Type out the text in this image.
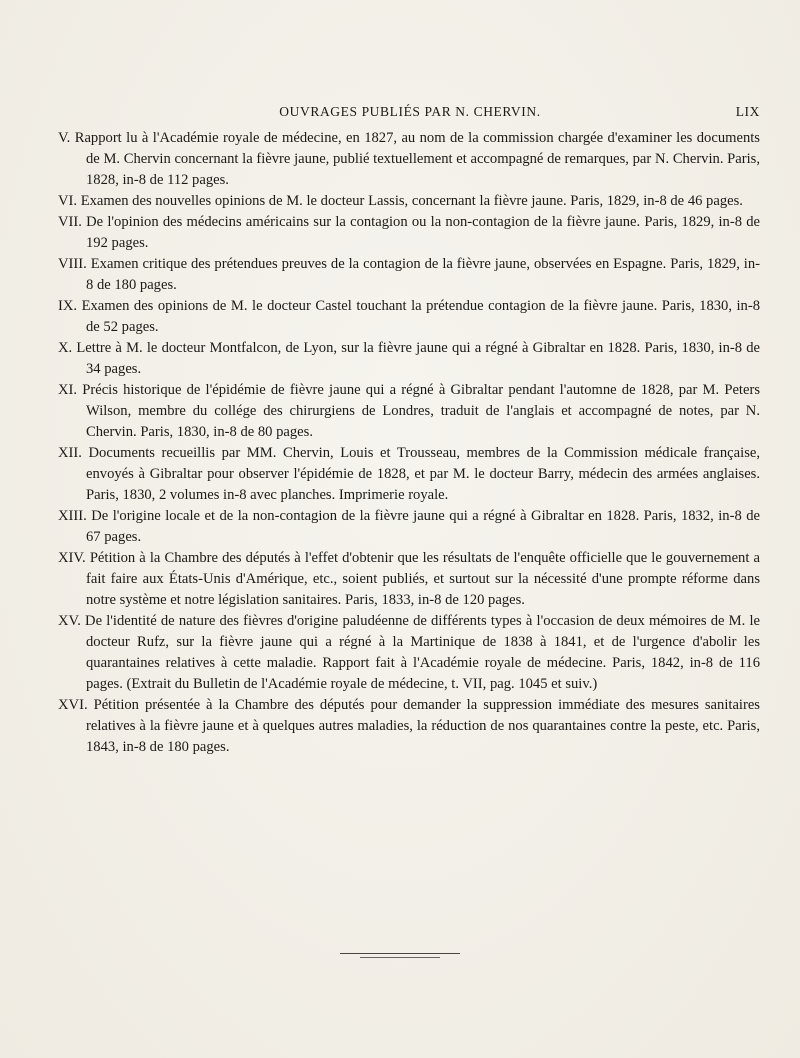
OUVRAGES PUBLIÉS PAR N. CHERVIN.	LIX
V. Rapport lu à l'Académie royale de médecine, en 1827, au nom de la commission chargée d'examiner les documents de M. Chervin concernant la fièvre jaune, publié textuellement et accompagné de remarques, par N. Chervin. Paris, 1828, in-8 de 112 pages.
VI. Examen des nouvelles opinions de M. le docteur Lassis, concernant la fièvre jaune. Paris, 1829, in-8 de 46 pages.
VII. De l'opinion des médecins américains sur la contagion ou la non-contagion de la fièvre jaune. Paris, 1829, in-8 de 192 pages.
VIII. Examen critique des prétendues preuves de la contagion de la fièvre jaune, observées en Espagne. Paris, 1829, in-8 de 180 pages.
IX. Examen des opinions de M. le docteur Castel touchant la prétendue contagion de la fièvre jaune. Paris, 1830, in-8 de 52 pages.
X. Lettre à M. le docteur Montfalcon, de Lyon, sur la fièvre jaune qui a régné à Gibraltar en 1828. Paris, 1830, in-8 de 34 pages.
XI. Précis historique de l'épidémie de fièvre jaune qui a régné à Gibraltar pendant l'automne de 1828, par M. Peters Wilson, membre du collége des chirurgiens de Londres, traduit de l'anglais et accompagné de notes, par N. Chervin. Paris, 1830, in-8 de 80 pages.
XII. Documents recueillis par MM. Chervin, Louis et Trousseau, membres de la Commission médicale française, envoyés à Gibraltar pour observer l'épidémie de 1828, et par M. le docteur Barry, médecin des armées anglaises. Paris, 1830, 2 volumes in-8 avec planches. Imprimerie royale.
XIII. De l'origine locale et de la non-contagion de la fièvre jaune qui a régné à Gibraltar en 1828. Paris, 1832, in-8 de 67 pages.
XIV. Pétition à la Chambre des députés à l'effet d'obtenir que les résultats de l'enquête officielle que le gouvernement a fait faire aux États-Unis d'Amérique, etc., soient publiés, et surtout sur la nécessité d'une prompte réforme dans notre système et notre législation sanitaires. Paris, 1833, in-8 de 120 pages.
XV. De l'identité de nature des fièvres d'origine paludéenne de différents types à l'occasion de deux mémoires de M. le docteur Rufz, sur la fièvre jaune qui a régné à la Martinique de 1838 à 1841, et de l'urgence d'abolir les quarantaines relatives à cette maladie. Rapport fait à l'Académie royale de médecine. Paris, 1842, in-8 de 116 pages. (Extrait du Bulletin de l'Académie royale de médecine, t. VII, pag. 1045 et suiv.)
XVI. Pétition présentée à la Chambre des députés pour demander la suppression immédiate des mesures sanitaires relatives à la fièvre jaune et à quelques autres maladies, la réduction de nos quarantaines contre la peste, etc. Paris, 1843, in-8 de 180 pages.
